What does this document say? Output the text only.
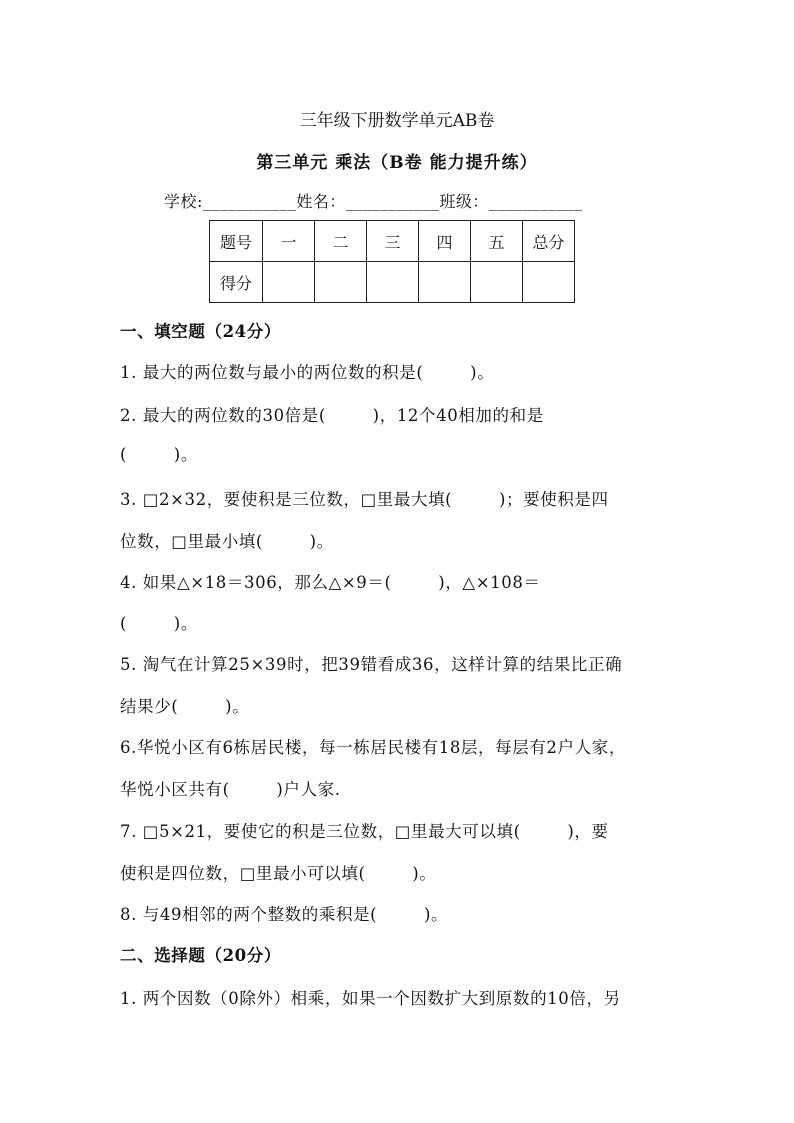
三年级下册数学单元AB卷
第三单元 乘法（B卷 能力提升练）
学校:___________姓名：___________班级：___________
题号	一	二	三	四	五	总分
得分						
一、填空题（24分）
1. 最大的两位数与最小的两位数的积是(        )。
2. 最大的两位数的30倍是(        )，12个40相加的和是
(        )。
3. □2×32，要使积是三位数，□里最大填(        )；要使积是四
位数，□里最小填(        )。
4. 如果△×18＝306，那么△×9＝(        )，△×108＝
(        )。
5. 淘气在计算25×39时，把39错看成36，这样计算的结果比正确
结果少(        )。
6.华悦小区有6栋居民楼，每一栋居民楼有18层，每层有2户人家，
华悦小区共有(        )户人家.
7. □5×21，要使它的积是三位数，□里最大可以填(        )，要
使积是四位数，□里最小可以填(        )。
8. 与49相邻的两个整数的乘积是(        )。
二、选择题（20分）
1. 两个因数（0除外）相乘，如果一个因数扩大到原数的10倍，另
